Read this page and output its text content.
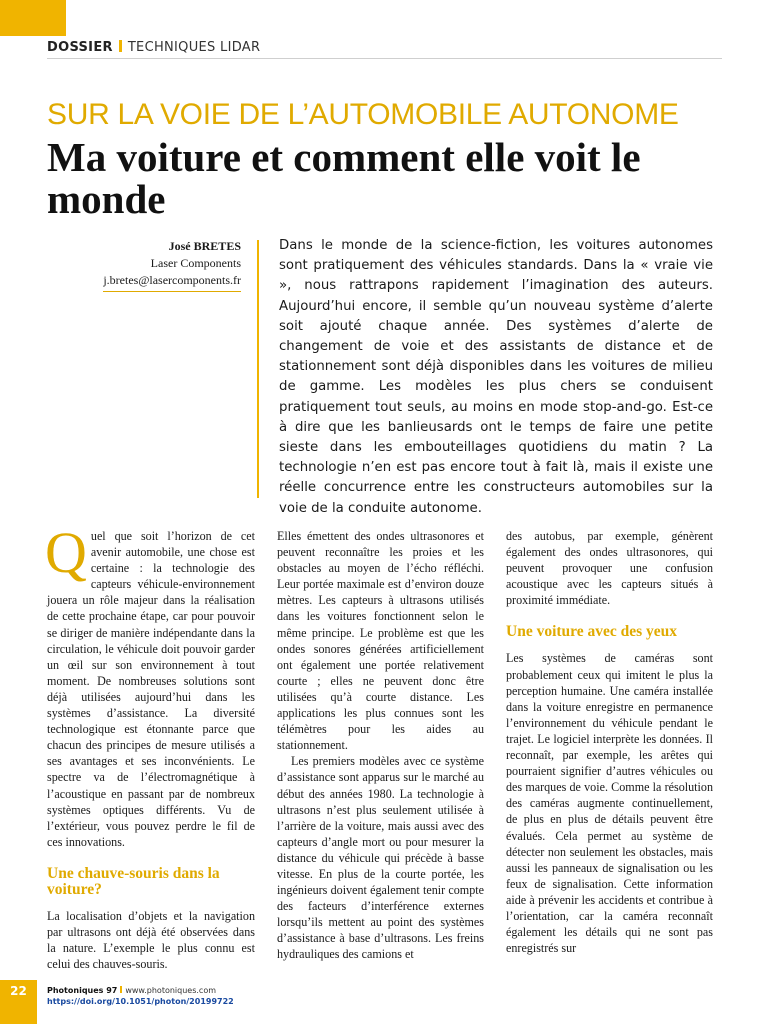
DOSSIER TECHNIQUES LIDAR
SUR LA VOIE DE L’AUTOMOBILE AUTONOME
Ma voiture et comment elle voit le monde
José BRETES
Laser Components
j.bretes@lasercomponents.fr
Dans le monde de la science-fiction, les voitures autonomes sont pratiquement des véhicules standards. Dans la « vraie vie », nous rattrapons rapidement l’imagination des auteurs. Aujourd’hui encore, il semble qu’un nouveau système d’alerte soit ajouté chaque année. Des systèmes d’alerte de changement de voie et des assistants de distance et de stationnement sont déjà disponibles dans les voitures de milieu de gamme. Les modèles les plus chers se conduisent pratiquement tout seuls, au moins en mode stop-and-go. Est-ce à dire que les banlieusards ont le temps de faire une petite sieste dans les embouteillages quotidiens du matin ? La technologie n’en est pas encore tout à fait là, mais il existe une réelle concurrence entre les constructeurs automobiles sur la voie de la conduite autonome.

Quel que soit l’horizon de cet avenir automobile, une chose est certaine : la technologie des capteurs véhicule-environnement jouera un rôle majeur dans la réalisation de cette prochaine étape, car pour pouvoir se diriger de manière indépendante dans la circulation, le véhicule doit pouvoir garder un œil sur son environnement à tout moment. De nombreuses solutions sont déjà utilisées aujourd’hui dans les systèmes d’assistance. La diversité technologique est étonnante parce que chacun des principes de mesure utilisés a ses avantages et ses inconvénients. Le spectre va de l’électromagnétique à l’acoustique en passant par de nombreux systèmes optiques différents. Vu de l’extérieur, vous pouvez perdre le fil de ces innovations.

Une chauve-souris dans la voiture?

La localisation d’objets et la navigation par ultrasons ont déjà été observées dans la nature. L’exemple le plus connu est celui des chauves-souris.

Elles émettent des ondes ultrasonores et peuvent reconnaître les proies et les obstacles au moyen de l’écho réfléchi. Leur portée maximale est d’environ douze mètres. Les capteurs à ultrasons utilisés dans les voitures fonctionnent selon le même principe. Le problème est que les ondes sonores générées artificiellement ont également une portée relativement courte ; elles ne peuvent donc être utilisées qu’à courte distance. Les applications les plus connues sont les télémètres pour les aides au stationnement.

Les premiers modèles avec ce système d’assistance sont apparus sur le marché au début des années 1980. La technologie à ultrasons n’est plus seulement utilisée à l’arrière de la voiture, mais aussi avec des capteurs d’angle mort ou pour mesurer la distance du véhicule qui précède à basse vitesse. En plus de la courte portée, les ingénieurs doivent également tenir compte des facteurs d’interférence externes lorsqu’ils mettent au point des systèmes d’assistance à base d’ultrasons. Les freins hydrauliques des camions et

des autobus, par exemple, génèrent également des ondes ultrasonores, qui peuvent provoquer une confusion acoustique avec les capteurs situés à proximité immédiate.

Une voiture avec des yeux

Les systèmes de caméras sont probablement ceux qui imitent le plus la perception humaine. Une caméra installée dans la voiture enregistre en permanence l’environnement du véhicule pendant le trajet. Le logiciel interprète les données. Il reconnaît, par exemple, les arêtes qui pourraient signifier d’autres véhicules ou des marques de voie. Comme la résolution des caméras augmente continuellement, de plus en plus de détails peuvent être évalués. Cela permet au système de détecter non seulement les obstacles, mais aussi les panneaux de signalisation ou les feux de signalisation. Cette information aide à prévenir les accidents et contribue à l’orientation, car la caméra reconnaît également les détails qui ne sont pas enregistrés sur

22	Photoniques 97 www.photoniques.com
https://doi.org/10.1051/photon/20199722
